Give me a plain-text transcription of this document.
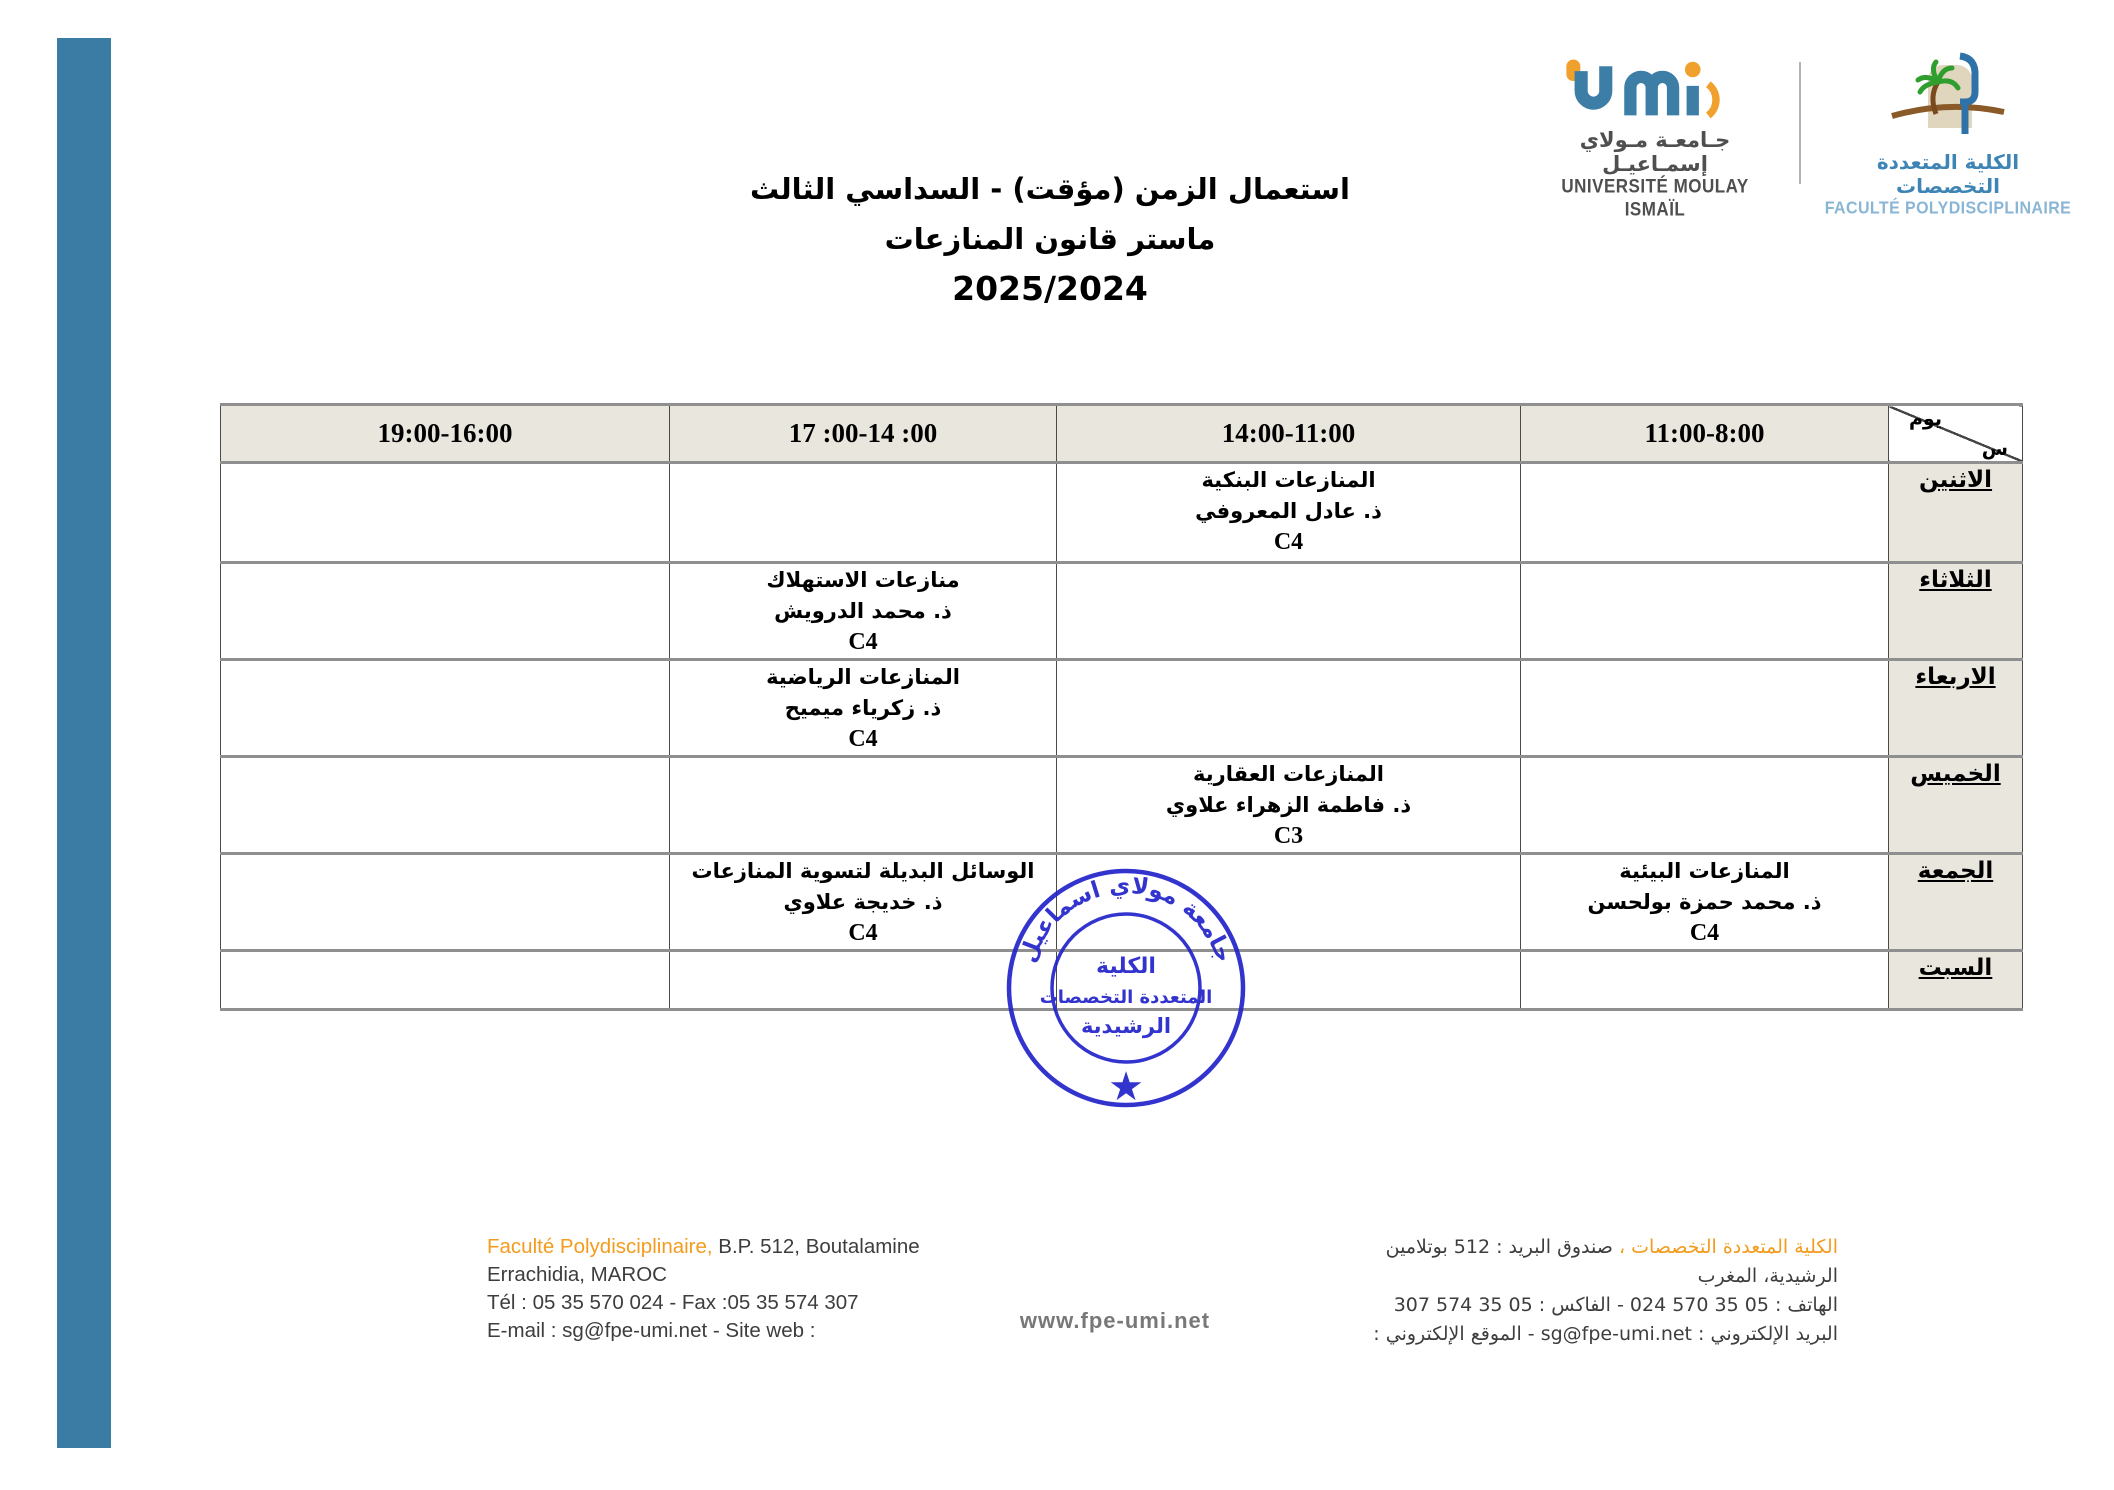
جـامعـة مـولاي إسمـاعيـل
UNIVERSITÉ MOULAY ISMAÏL
الكلية المتعددة التخصصات
FACULTÉ POLYDISCIPLINAIRE
استعمال الزمن (مؤقت) - السداسي الثالث
ماستر قانون المنازعات
2025/2024
يوم
س	11:00-8:00	14:00-11:00	17 :00-14 :00	19:00-16:00
الاثنين		المنازعات البنكية
ذ. عادل المعروفي
C4		

الثلاثاء			منازعات الاستهلاك
ذ. محمد الدرويش
C4	

الاربعاء			المنازعات الرياضية
ذ. زكرياء ميميح
C4	

الخميس		المنازعات العقارية
ذ. فاطمة الزهراء علاوي
C3		

الجمعة	المنازعات البيئية
ذ. محمد حمزة بولحسن
C4		الوسائل البديلة لتسوية المنازعات
ذ. خديجة علاوي
C4	

السبت				
جامعة مولاي اسماعيل
الكلية
المتعددة التخصصات
الرشيدية
★
Faculté Polydisciplinaire, B.P. 512, Boutalamine
Errachidia, MAROC
Tél : 05 35 570 024 - Fax :05 35 574 307
E-mail : sg@fpe-umi.net - Site web :	www.fpe-umi.net
الكلية المتعددة التخصصات ، صندوق البريد : 512 بوتلامين
الرشيدية، المغرب
الهاتف : 05 35 570 024 - الفاكس : 05 35 574 307
البريد الإلكتروني : sg@fpe-umi.net - الموقع الإلكتروني :
